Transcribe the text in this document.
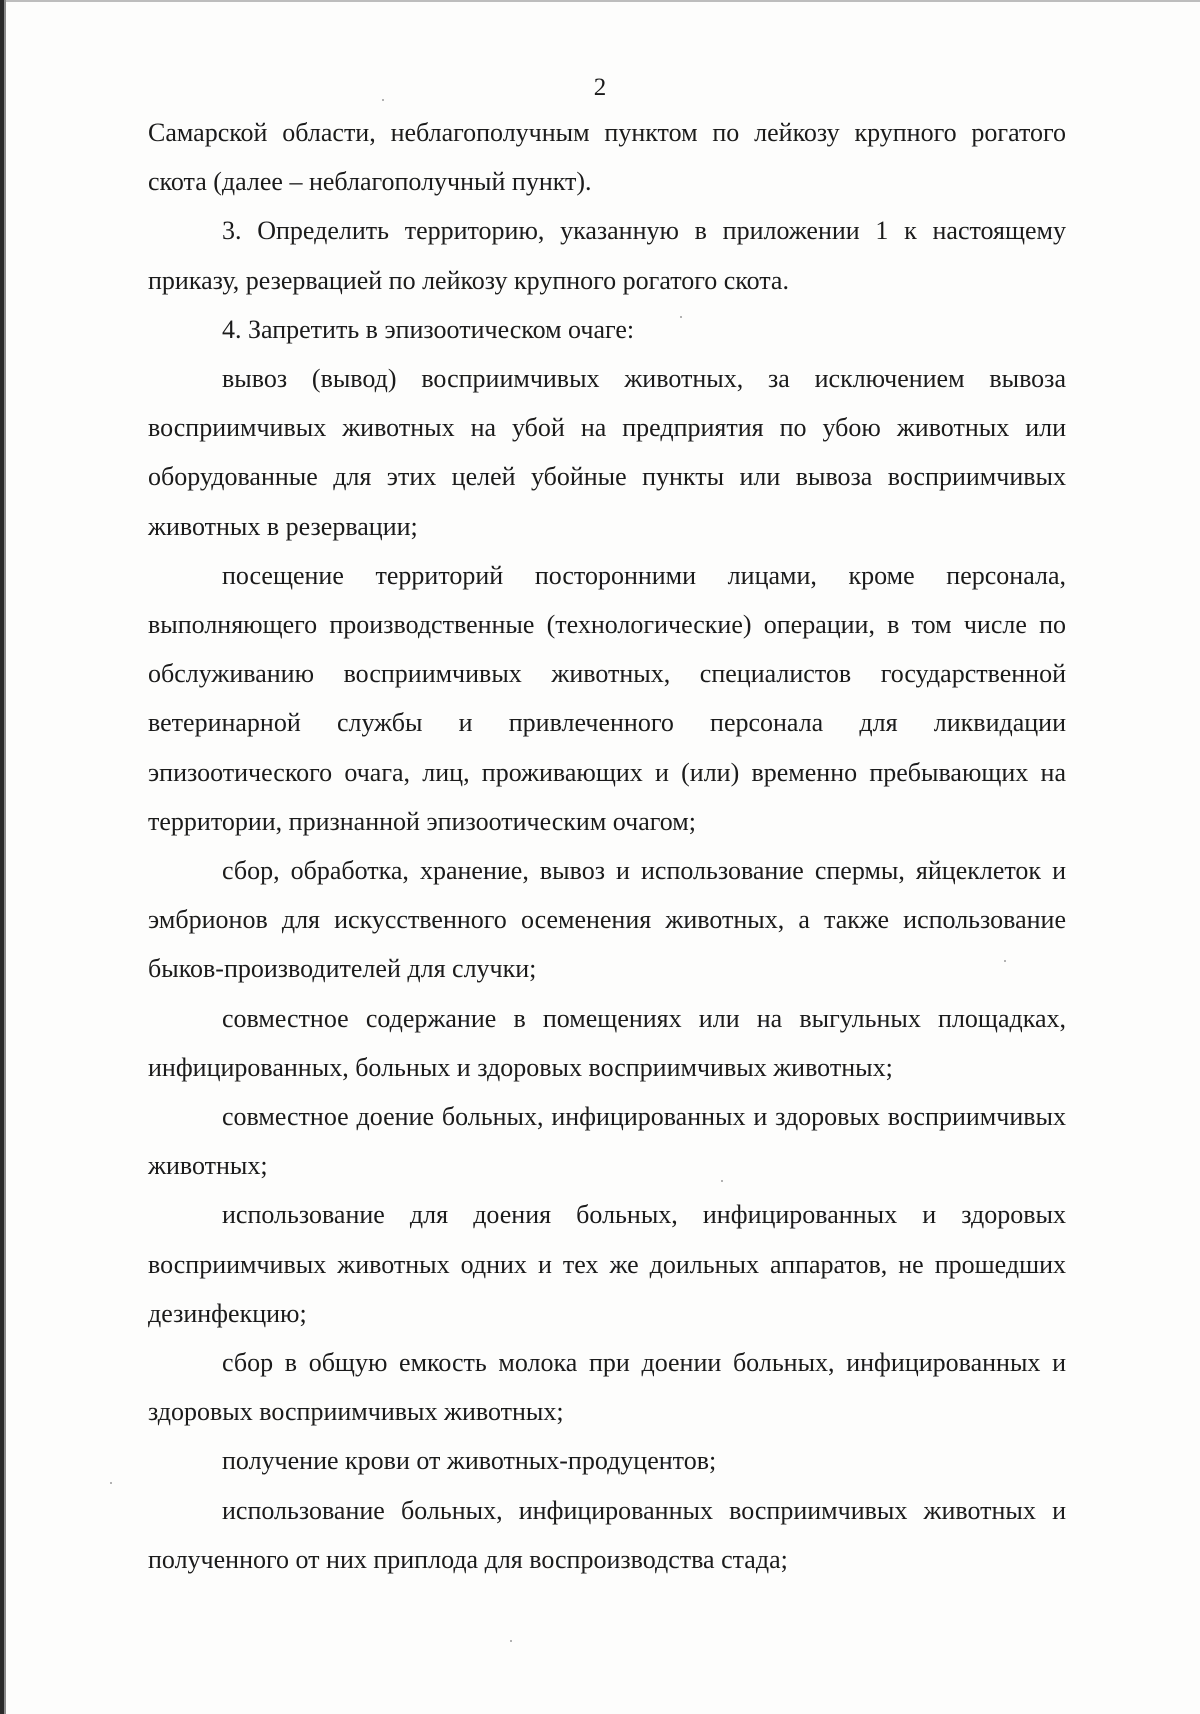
2

Самарской области, неблагополучным пунктом по лейкозу крупного рогатого скота (далее – неблагополучный пункт).

3. Определить территорию, указанную в приложении 1 к настоящему приказу, резервацией по лейкозу крупного рогатого скота.

4. Запретить в эпизоотическом очаге:

вывоз (вывод) восприимчивых животных, за исключением вывоза восприимчивых животных на убой на предприятия по убою животных или оборудованные для этих целей убойные пункты или вывоза восприимчивых животных в резервации;

посещение территорий посторонними лицами, кроме персонала, выполняющего производственные (технологические) операции, в том числе по обслуживанию восприимчивых животных, специалистов государственной ветеринарной службы и привлеченного персонала для ликвидации эпизоотического очага, лиц, проживающих и (или) временно пребывающих на территории, признанной эпизоотическим очагом;

сбор, обработка, хранение, вывоз и использование спермы, яйцеклеток и эмбрионов для искусственного осеменения животных, а также использование быков-производителей для случки;

совместное содержание в помещениях или на выгульных площадках, инфицированных, больных и здоровых восприимчивых животных;

совместное доение больных, инфицированных и здоровых восприимчивых животных;

использование для доения больных, инфицированных и здоровых восприимчивых животных одних и тех же доильных аппаратов, не прошедших дезинфекцию;

сбор в общую емкость молока при доении больных, инфицированных и здоровых восприимчивых животных;

получение крови от животных-продуцентов;

использование больных, инфицированных восприимчивых животных и полученного от них приплода для воспроизводства стада;
